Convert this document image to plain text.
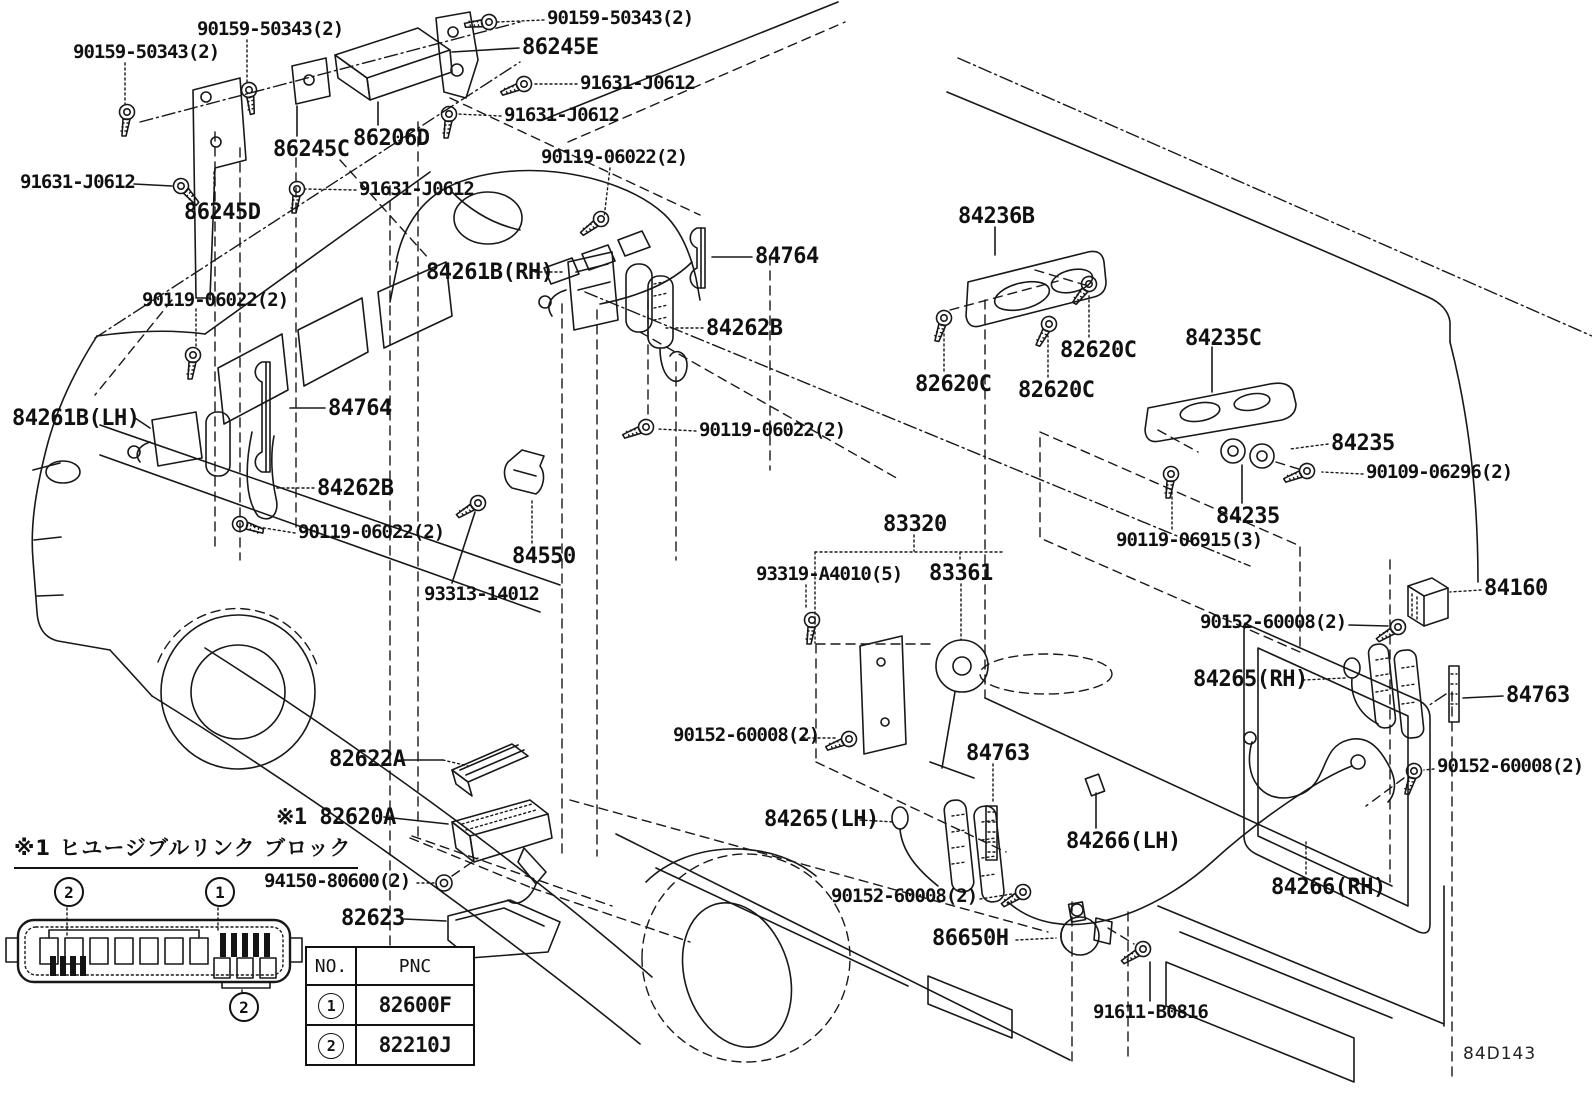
90159-50343(2)
90159-50343(2)
90159-50343(2)
86245E
91631-J0612
91631-J0612
86206D
86245C	90119-06022(2)
91631-J0612	91631-J0612
86245D	84236B
84764
84261B(RH)
90119-06022(2)
84262B	84235C
82620C
82620C 82620C
84764
84261B(LH)	90119-06022(2)
84235
90109-06296(2)
84262B
84235
83320
90119-06022(2)	90119-06915(3)
84550
93319-A4010(5) 83361
84160
93313-14012
90152-60008(2)
84265(RH)
84763
90152-60008(2)
84763
82622A	90152-60008(2)
※1 82620A	84265(LH)
84266(LH)
94150-80600(2)	84266(RH)
90152-60008(2)
82623
86650H
91611-B0816
2	1
2
※1 ヒユージブルリンク ブロック
84D143
NO.	PNC
1	82600F
2	82210J
